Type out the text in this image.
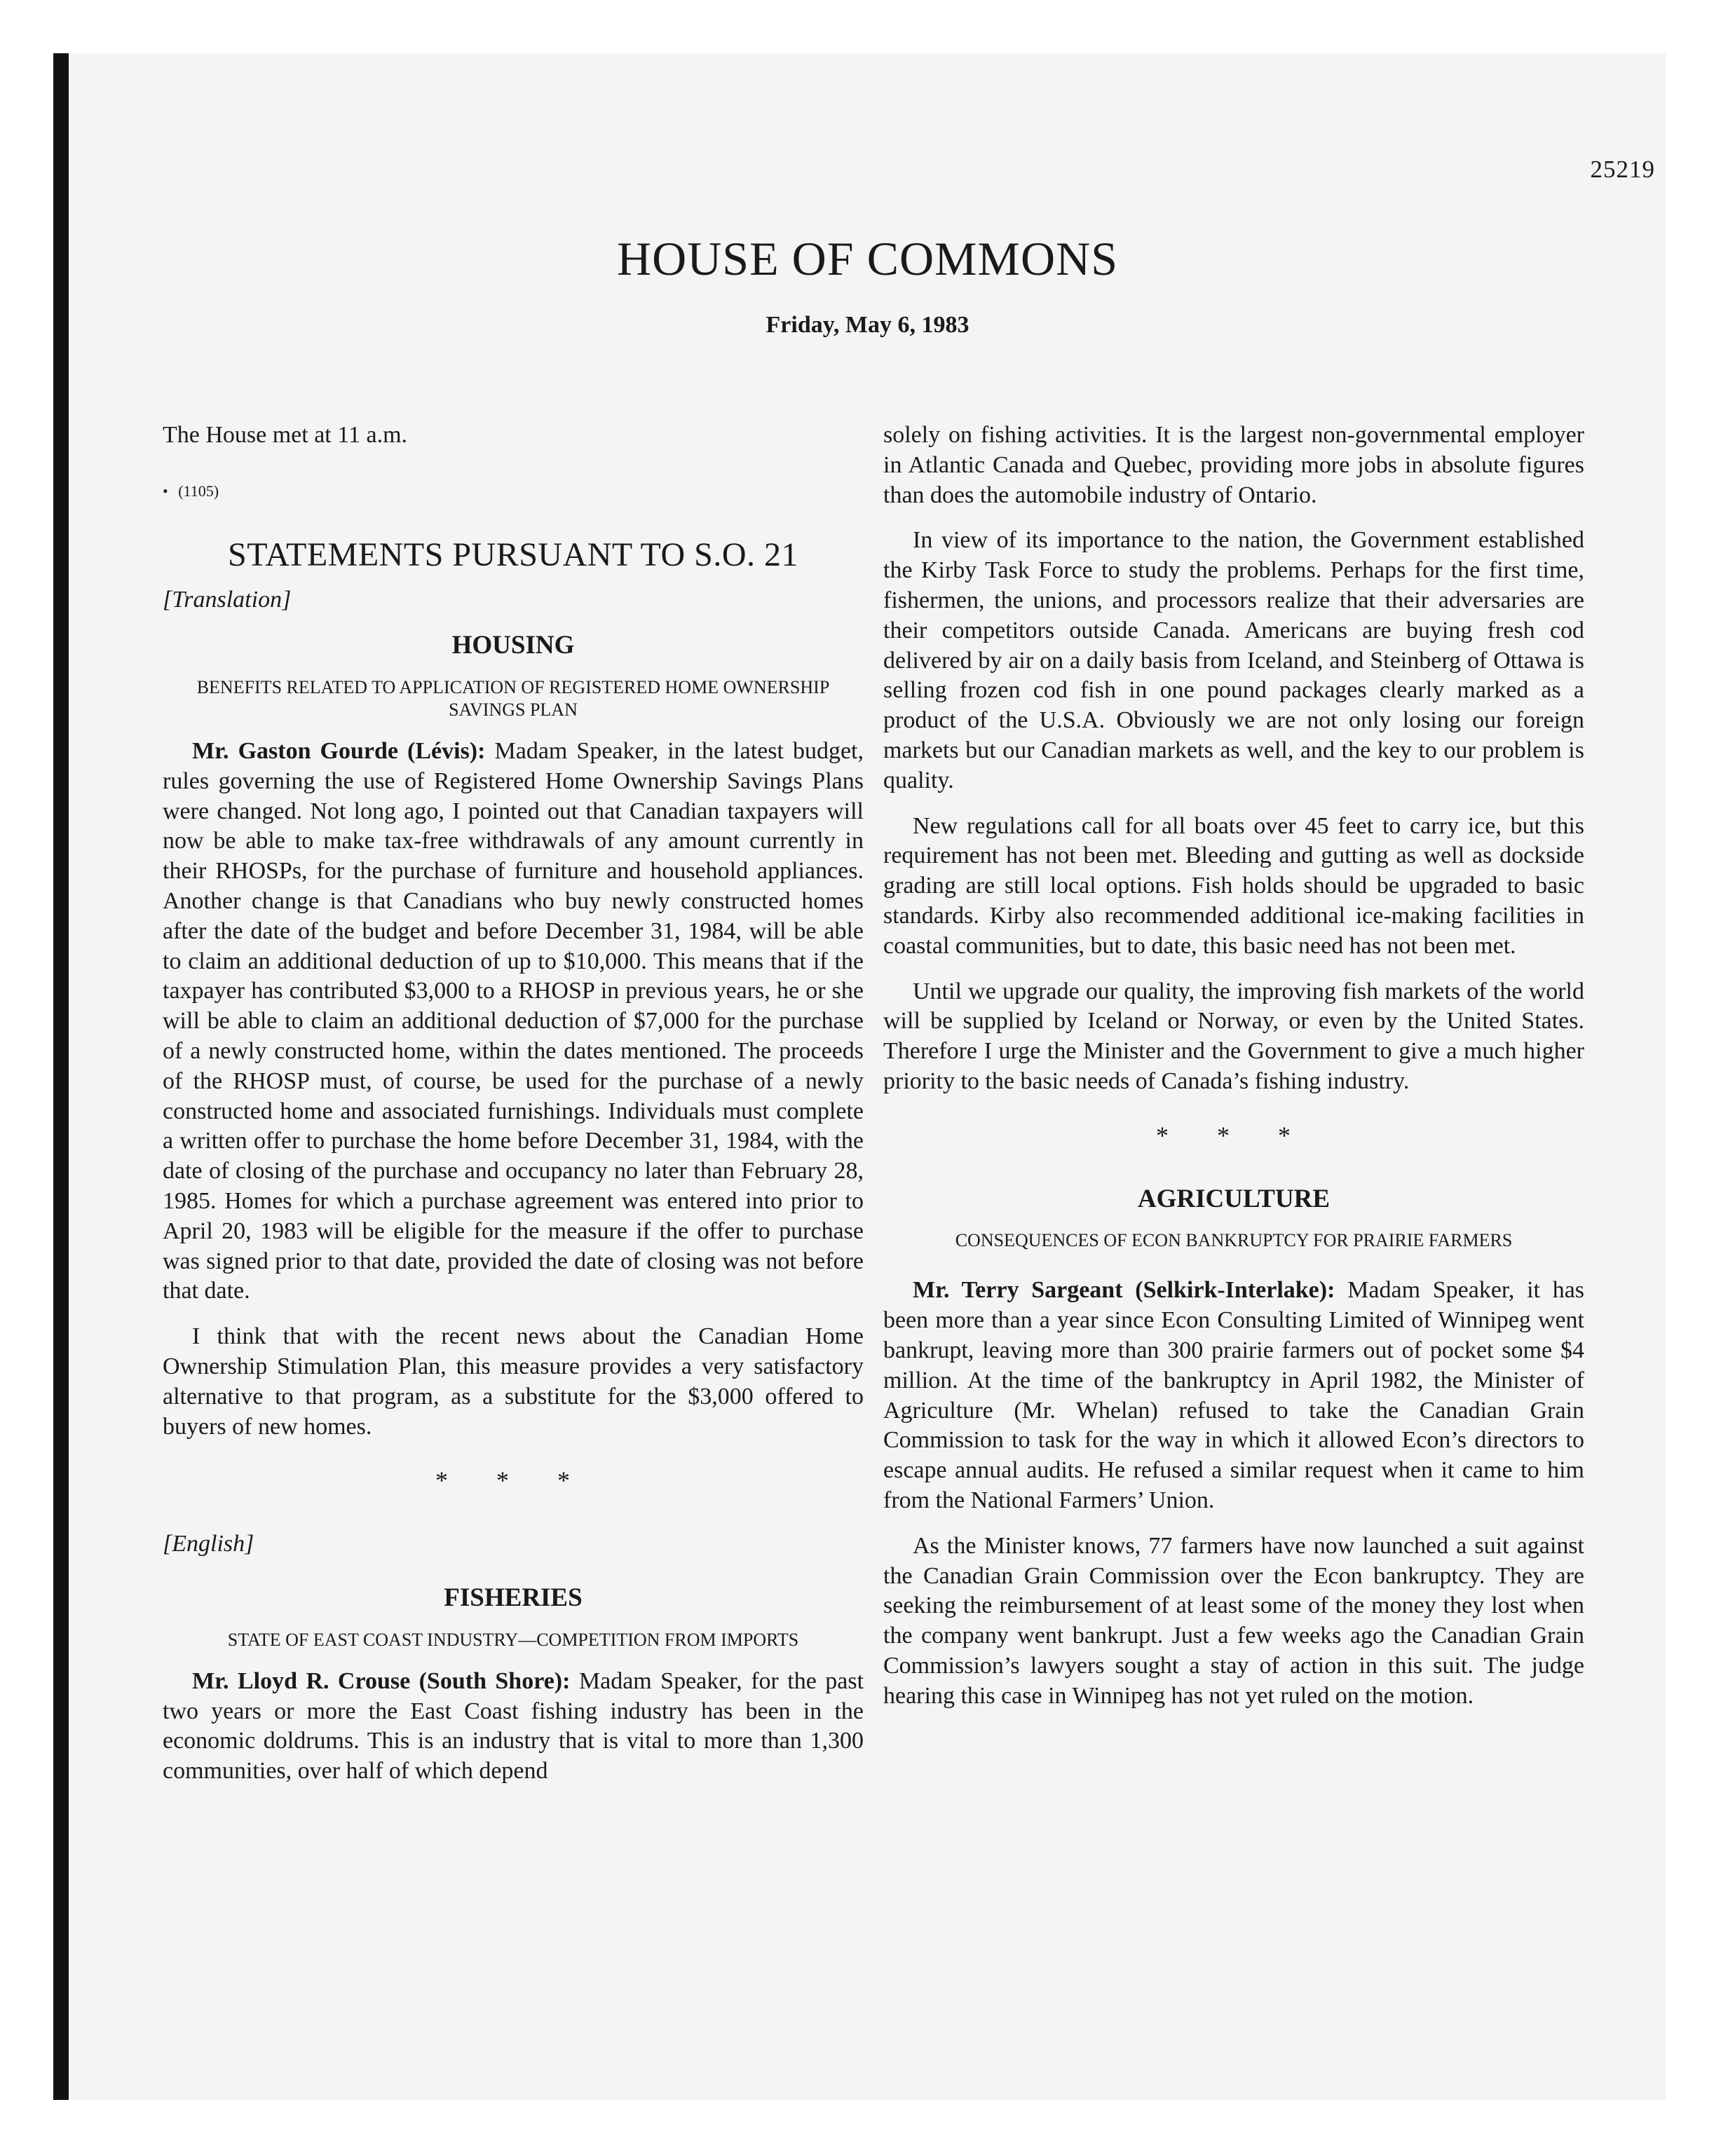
25219
HOUSE OF COMMONS
Friday, May 6, 1983

The House met at 11 a.m.

• (1105)

STATEMENTS PURSUANT TO S.O. 21

[Translation]

HOUSING

BENEFITS RELATED TO APPLICATION OF REGISTERED HOME OWNERSHIP SAVINGS PLAN

Mr. Gaston Gourde (Lévis): Madam Speaker, in the latest budget, rules governing the use of Registered Home Ownership Savings Plans were changed. Not long ago, I pointed out that Canadian taxpayers will now be able to make tax-free withdrawals of any amount currently in their RHOSPs, for the purchase of furniture and household appliances. Another change is that Canadians who buy newly constructed homes after the date of the budget and before December 31, 1984, will be able to claim an additional deduction of up to $10,000. This means that if the taxpayer has contributed $3,000 to a RHOSP in previous years, he or she will be able to claim an additional deduction of $7,000 for the purchase of a newly constructed home, within the dates mentioned. The proceeds of the RHOSP must, of course, be used for the purchase of a newly constructed home and associated furnishings. Individuals must complete a written offer to purchase the home before December 31, 1984, with the date of closing of the purchase and occupancy no later than February 28, 1985. Homes for which a purchase agreement was entered into prior to April 20, 1983 will be eligible for the measure if the offer to purchase was signed prior to that date, provided the date of closing was not before that date.

I think that with the recent news about the Canadian Home Ownership Stimulation Plan, this measure provides a very satisfactory alternative to that program, as a substitute for the $3,000 offered to buyers of new homes.

* * *

[English]

FISHERIES

STATE OF EAST COAST INDUSTRY—COMPETITION FROM IMPORTS

Mr. Lloyd R. Crouse (South Shore): Madam Speaker, for the past two years or more the East Coast fishing industry has been in the economic doldrums. This is an industry that is vital to more than 1,300 communities, over half of which depend

solely on fishing activities. It is the largest non-governmental employer in Atlantic Canada and Quebec, providing more jobs in absolute figures than does the automobile industry of Ontario.

In view of its importance to the nation, the Government established the Kirby Task Force to study the problems. Perhaps for the first time, fishermen, the unions, and processors realize that their adversaries are their competitors outside Canada. Americans are buying fresh cod delivered by air on a daily basis from Iceland, and Steinberg of Ottawa is selling frozen cod fish in one pound packages clearly marked as a product of the U.S.A. Obviously we are not only losing our foreign markets but our Canadian markets as well, and the key to our problem is quality.

New regulations call for all boats over 45 feet to carry ice, but this requirement has not been met. Bleeding and gutting as well as dockside grading are still local options. Fish holds should be upgraded to basic standards. Kirby also recommended additional ice-making facilities in coastal communities, but to date, this basic need has not been met.

Until we upgrade our quality, the improving fish markets of the world will be supplied by Iceland or Norway, or even by the United States. Therefore I urge the Minister and the Government to give a much higher priority to the basic needs of Canada’s fishing industry.

* * *

AGRICULTURE

CONSEQUENCES OF ECON BANKRUPTCY FOR PRAIRIE FARMERS

Mr. Terry Sargeant (Selkirk-Interlake): Madam Speaker, it has been more than a year since Econ Consulting Limited of Winnipeg went bankrupt, leaving more than 300 prairie farmers out of pocket some $4 million. At the time of the bankruptcy in April 1982, the Minister of Agriculture (Mr. Whelan) refused to take the Canadian Grain Commission to task for the way in which it allowed Econ’s directors to escape annual audits. He refused a similar request when it came to him from the National Farmers’ Union.

As the Minister knows, 77 farmers have now launched a suit against the Canadian Grain Commission over the Econ bankruptcy. They are seeking the reimbursement of at least some of the money they lost when the company went bankrupt. Just a few weeks ago the Canadian Grain Commission’s lawyers sought a stay of action in this suit. The judge hearing this case in Winnipeg has not yet ruled on the motion.
